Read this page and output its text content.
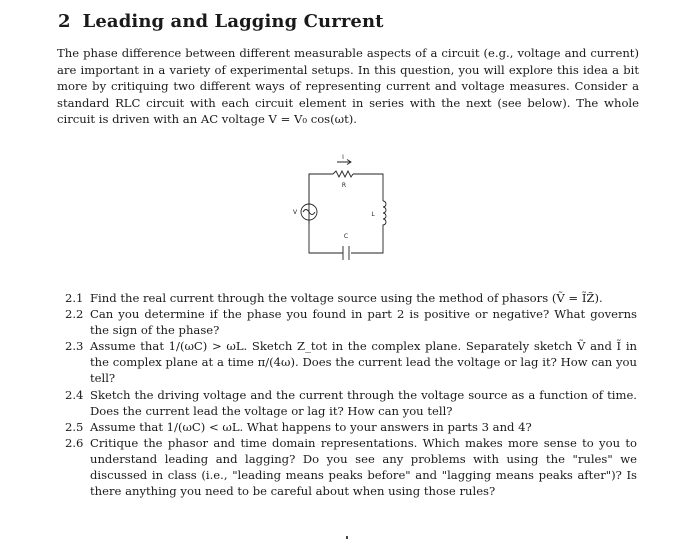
2 Leading and Lagging Current

The phase difference between different measurable aspects of a circuit (e.g., voltage and current) are important in a variety of experimental setups. In this question, you will explore this idea a bit more by critiquing two different ways of representing current and voltage measures. Consider a standard RLC circuit with each circuit element in series with the next (see below). The whole circuit is driven with an AC voltage V = V₀ cos(ωt).

I
R
L
C
V
2.1 Find the real current through the voltage source using the method of phasors (Ṽ = ĨZ̃).
2.2 Can you determine if the phase you found in part 2 is positive or negative? What governs the sign of the phase?
2.3 Assume that 1/(ωC) > ωL. Sketch Z_tot in the complex plane. Separately sketch Ṽ and Ĩ in the complex plane at a time π/(4ω). Does the current lead the voltage or lag it? How can you tell?
2.4 Sketch the driving voltage and the current through the voltage source as a function of time. Does the current lead the voltage or lag it? How can you tell?
2.5 Assume that 1/(ωC) < ωL. What happens to your answers in parts 3 and 4?
2.6 Critique the phasor and time domain representations. Which makes more sense to you to understand leading and lagging? Do you see any problems with using the "rules" we discussed in class (i.e., "leading means peaks before" and "lagging means peaks after")? Is there anything you need to be careful about when using those rules?
